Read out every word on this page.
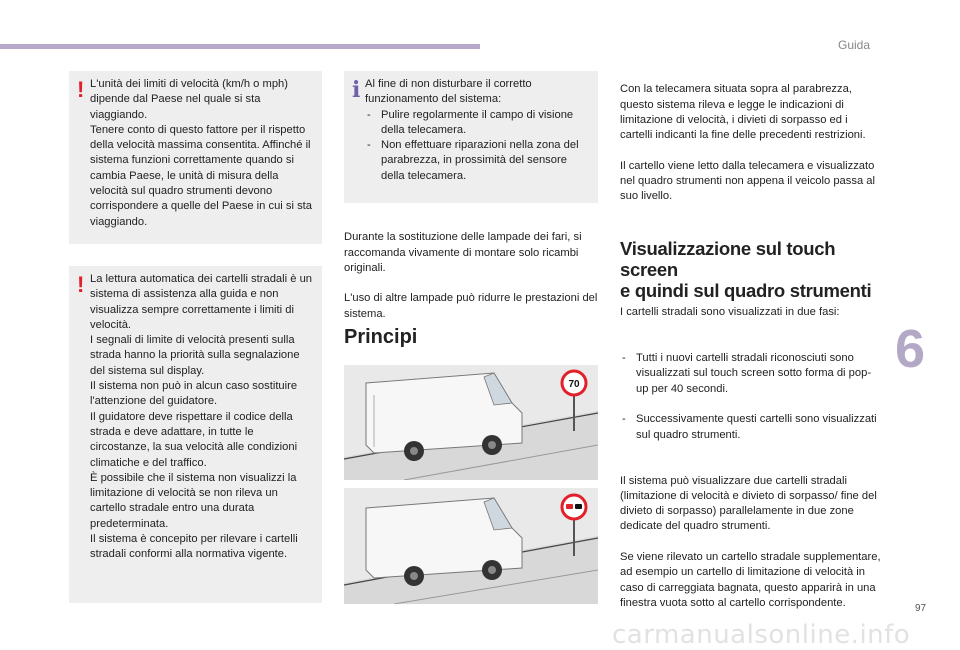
Guida
6
97
! L'unità dei limiti di velocità (km/h o mph) dipende dal Paese nel quale si sta viaggiando.
Tenere conto di questo fattore per il rispetto della velocità massima consentita. Affinché il sistema funzioni correttamente quando si cambia Paese, le unità di misura della velocità sul quadro strumenti devono corrispondere a quelle del Paese in cui si sta viaggiando.
! La lettura automatica dei cartelli stradali è un sistema di assistenza alla guida e non visualizza sempre correttamente i limiti di velocità.
I segnali di limite di velocità presenti sulla strada hanno la priorità sulla segnalazione del sistema sul display.
Il sistema non può in alcun caso sostituire l'attenzione del guidatore.
Il guidatore deve rispettare il codice della strada e deve adattare, in tutte le circostanze, la sua velocità alle condizioni climatiche e del traffico.
È possibile che il sistema non visualizzi la limitazione di velocità se non rileva un cartello stradale entro una durata predeterminata.
Il sistema è concepito per rilevare i cartelli stradali conformi alla normativa vigente.
i Al fine di non disturbare il corretto funzionamento del sistema:
- Pulire regolarmente il campo di visione della telecamera.
- Non effettuare riparazioni nella zona del parabrezza, in prossimità del sensore della telecamera.

Durante la sostituzione delle lampade dei fari, si raccomanda vivamente di montare solo ricambi originali.

L'uso di altre lampade può ridurre le prestazioni del sistema.

Principi
70

Con la telecamera situata sopra al parabrezza, questo sistema rileva e legge le indicazioni di limitazione di velocità, i divieti di sorpasso ed i cartelli indicanti la fine delle precedenti restrizioni.

Il cartello viene letto dalla telecamera e visualizzato nel quadro strumenti non appena il veicolo passa al suo livello.

Visualizzazione sul touch screen
e quindi sul quadro strumenti

I cartelli stradali sono visualizzati in due fasi:

- Tutti i nuovi cartelli stradali riconosciuti sono visualizzati sul touch screen sotto forma di pop-up per 40 secondi.

- Successivamente questi cartelli sono visualizzati sul quadro strumenti.

Il sistema può visualizzare due cartelli stradali (limitazione di velocità e divieto di sorpasso/ fine del divieto di sorpasso) parallelamente in due zone dedicate del quadro strumenti.

Se viene rilevato un cartello stradale supplementare, ad esempio un cartello di limitazione di velocità in caso di carreggiata bagnata, questo apparirà in una finestra vuota sotto al cartello corrispondente.

carmanualsonline.info
